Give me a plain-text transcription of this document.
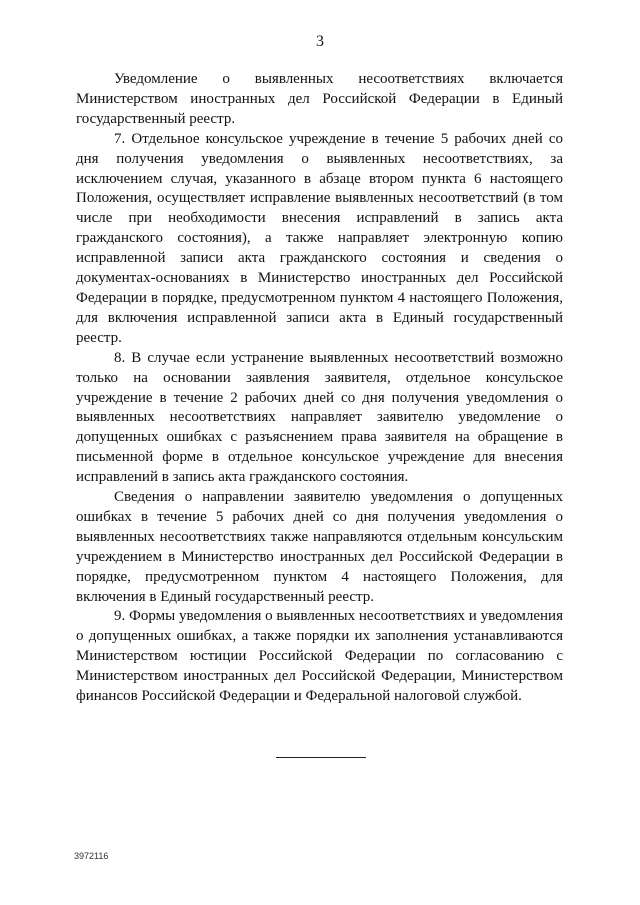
3

Уведомление о выявленных несоответствиях включается Министерством иностранных дел Российской Федерации в Единый государственный реестр.

7. Отдельное консульское учреждение в течение 5 рабочих дней со дня получения уведомления о выявленных несоответствиях, за исключением случая, указанного в абзаце втором пункта 6 настоящего Положения, осуществляет исправление выявленных несоответствий (в том числе при необходимости внесения исправлений в запись акта гражданского состояния), а также направляет электронную копию исправленной записи акта гражданского состояния и сведения о документах-основаниях в Министерство иностранных дел Российской Федерации в порядке, предусмотренном пунктом 4 настоящего Положения, для включения исправленной записи акта в Единый государственный реестр.

8. В случае если устранение выявленных несоответствий возможно только на основании заявления заявителя, отдельное консульское учреждение в течение 2 рабочих дней со дня получения уведомления о выявленных несоответствиях направляет заявителю уведомление о допущенных ошибках с разъяснением права заявителя на обращение в письменной форме в отдельное консульское учреждение для внесения исправлений в запись акта гражданского состояния.

Сведения о направлении заявителю уведомления о допущенных ошибках в течение 5 рабочих дней со дня получения уведомления о выявленных несоответствиях также направляются отдельным консульским учреждением в Министерство иностранных дел Российской Федерации в порядке, предусмотренном пунктом 4 настоящего Положения, для включения в Единый государственный реестр.

9. Формы уведомления о выявленных несоответствиях и уведомления о допущенных ошибках, а также порядки их заполнения устанавливаются Министерством юстиции Российской Федерации по согласованию с Министерством иностранных дел Российской Федерации, Министерством финансов Российской Федерации и Федеральной налоговой службой.

3972116
